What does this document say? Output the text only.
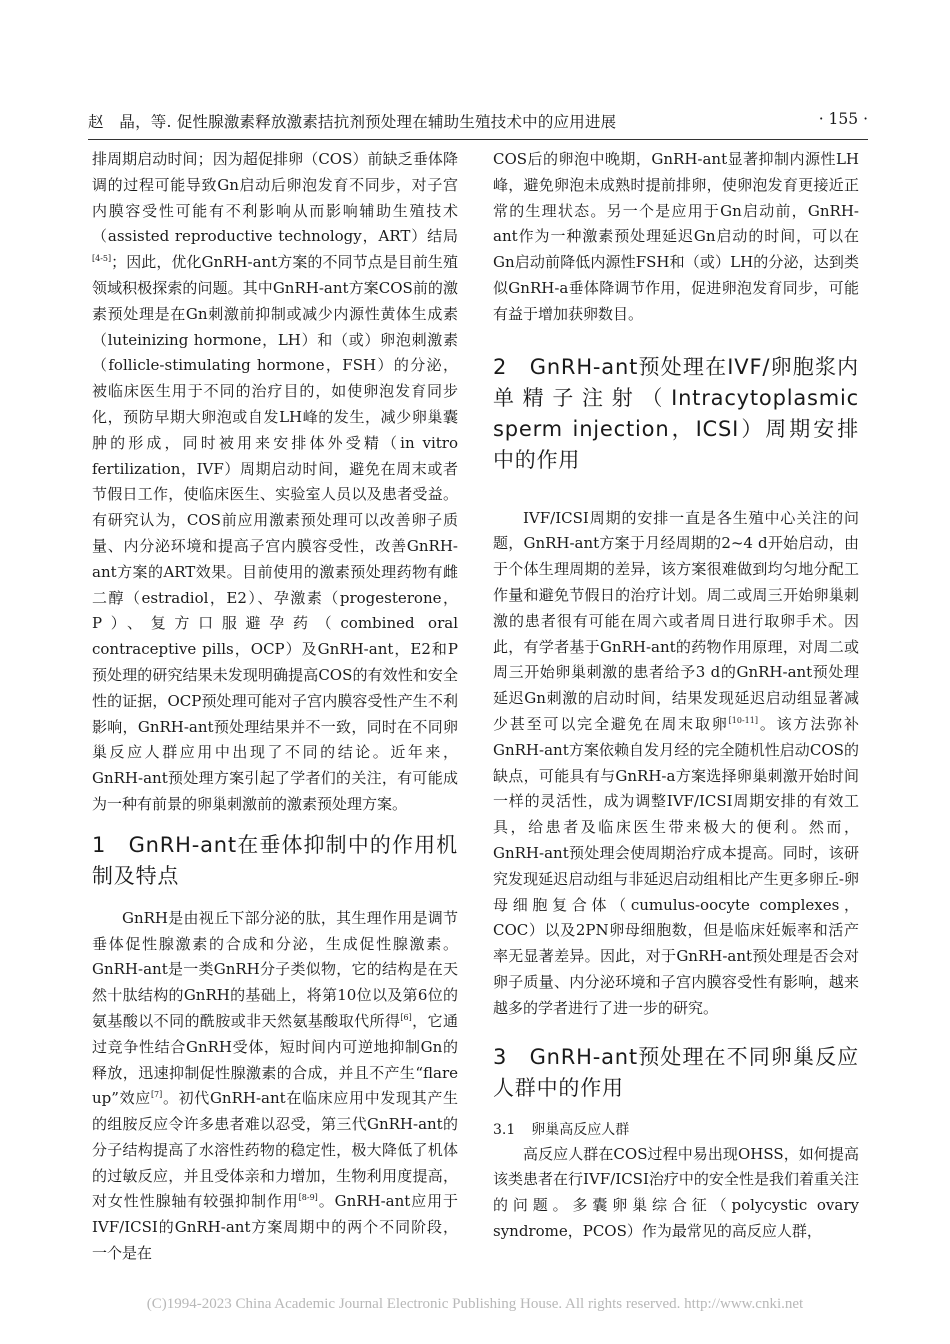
赵　晶，等. 促性腺激素释放激素拮抗剂预处理在辅助生殖技术中的应用进展	· 155 ·

排周期启动时间；因为超促排卵（COS）前缺乏垂体降调的过程可能导致Gn启动后卵泡发育不同步，对子宫内膜容受性可能有不利影响从而影响辅助生殖技术（assisted reproductive technology，ART）结局[4-5]；因此，优化GnRH-ant方案的不同节点是目前生殖领域积极探索的问题。其中GnRH-ant方案COS前的激素预处理是在Gn刺激前抑制或减少内源性黄体生成素（luteinizing hormone，LH）和（或）卵泡刺激素（follicle-stimulating hormone，FSH）的分泌，被临床医生用于不同的治疗目的，如使卵泡发育同步化，预防早期大卵泡或自发LH峰的发生，减少卵巢囊肿的形成，同时被用来安排体外受精（in vitro fertilization，IVF）周期启动时间，避免在周末或者节假日工作，使临床医生、实验室人员以及患者受益。有研究认为，COS前应用激素预处理可以改善卵子质量、内分泌环境和提高子宫内膜容受性，改善GnRH-ant方案的ART效果。目前使用的激素预处理药物有雌二醇（estradiol，E2）、孕激素（progesterone，P）、复方口服避孕药（combined oral contraceptive pills，OCP）及GnRH-ant，E2和P预处理的研究结果未发现明确提高COS的有效性和安全性的证据，OCP预处理可能对子宫内膜容受性产生不利影响，GnRH-ant预处理结果并不一致，同时在不同卵巢反应人群应用中出现了不同的结论。近年来，GnRH-ant预处理方案引起了学者们的关注，有可能成为一种有前景的卵巢刺激前的激素预处理方案。

1　GnRH-ant在垂体抑制中的作用机制及特点

GnRH是由视丘下部分泌的肽，其生理作用是调节垂体促性腺激素的合成和分泌，生成促性腺激素。GnRH-ant是一类GnRH分子类似物，它的结构是在天然十肽结构的GnRH的基础上，将第10位以及第6位的氨基酸以不同的酰胺或非天然氨基酸取代所得[6]，它通过竞争性结合GnRH受体，短时间内可逆地抑制Gn的释放，迅速抑制促性腺激素的合成，并且不产生“flare up”效应[7]。初代GnRH-ant在临床应用中发现其产生的组胺反应令许多患者难以忍受，第三代GnRH-ant的分子结构提高了水溶性药物的稳定性，极大降低了机体的过敏反应，并且受体亲和力增加，生物利用度提高，对女性性腺轴有较强抑制作用[8-9]。GnRH-ant应用于IVF/ICSI的GnRH-ant方案周期中的两个不同阶段，一个是在

COS后的卵泡中晚期，GnRH-ant显著抑制内源性LH峰，避免卵泡未成熟时提前排卵，使卵泡发育更接近正常的生理状态。另一个是应用于Gn启动前，GnRH-ant作为一种激素预处理延迟Gn启动的时间，可以在Gn启动前降低内源性FSH和（或）LH的分泌，达到类似GnRH-a垂体降调节作用，促进卵泡发育同步，可能有益于增加获卵数目。

2　GnRH-ant预处理在IVF/卵胞浆内单精子注射（Intracytoplasmic sperm injection，ICSI）周期安排中的作用

IVF/ICSI周期的安排一直是各生殖中心关注的问题，GnRH-ant方案于月经周期的2~4 d开始启动，由于个体生理周期的差异，该方案很难做到均匀地分配工作量和避免节假日的治疗计划。周二或周三开始卵巢刺激的患者很有可能在周六或者周日进行取卵手术。因此，有学者基于GnRH-ant的药物作用原理，对周二或周三开始卵巢刺激的患者给予3 d的GnRH-ant预处理延迟Gn刺激的启动时间，结果发现延迟启动组显著减少甚至可以完全避免在周末取卵[10-11]。该方法弥补GnRH-ant方案依赖自发月经的完全随机性启动COS的缺点，可能具有与GnRH-a方案选择卵巢刺激开始时间一样的灵活性，成为调整IVF/ICSI周期安排的有效工具，给患者及临床医生带来极大的便利。然而，GnRH-ant预处理会使周期治疗成本提高。同时，该研究发现延迟启动组与非延迟启动组相比产生更多卵丘-卵母细胞复合体（cumulus-oocyte complexes，COC）以及2PN卵母细胞数，但是临床妊娠率和活产率无显著差异。因此，对于GnRH-ant预处理是否会对卵子质量、内分泌环境和子宫内膜容受性有影响，越来越多的学者进行了进一步的研究。

3　GnRH-ant预处理在不同卵巢反应人群中的作用
3.1 卵巢高反应人群

高反应人群在COS过程中易出现OHSS，如何提高该类患者在行IVF/ICSI治疗中的安全性是我们着重关注的问题。多囊卵巢综合征（polycystic ovary syndrome，PCOS）作为最常见的高反应人群，

(C)1994-2023 China Academic Journal Electronic Publishing House. All rights reserved. http://www.cnki.net
